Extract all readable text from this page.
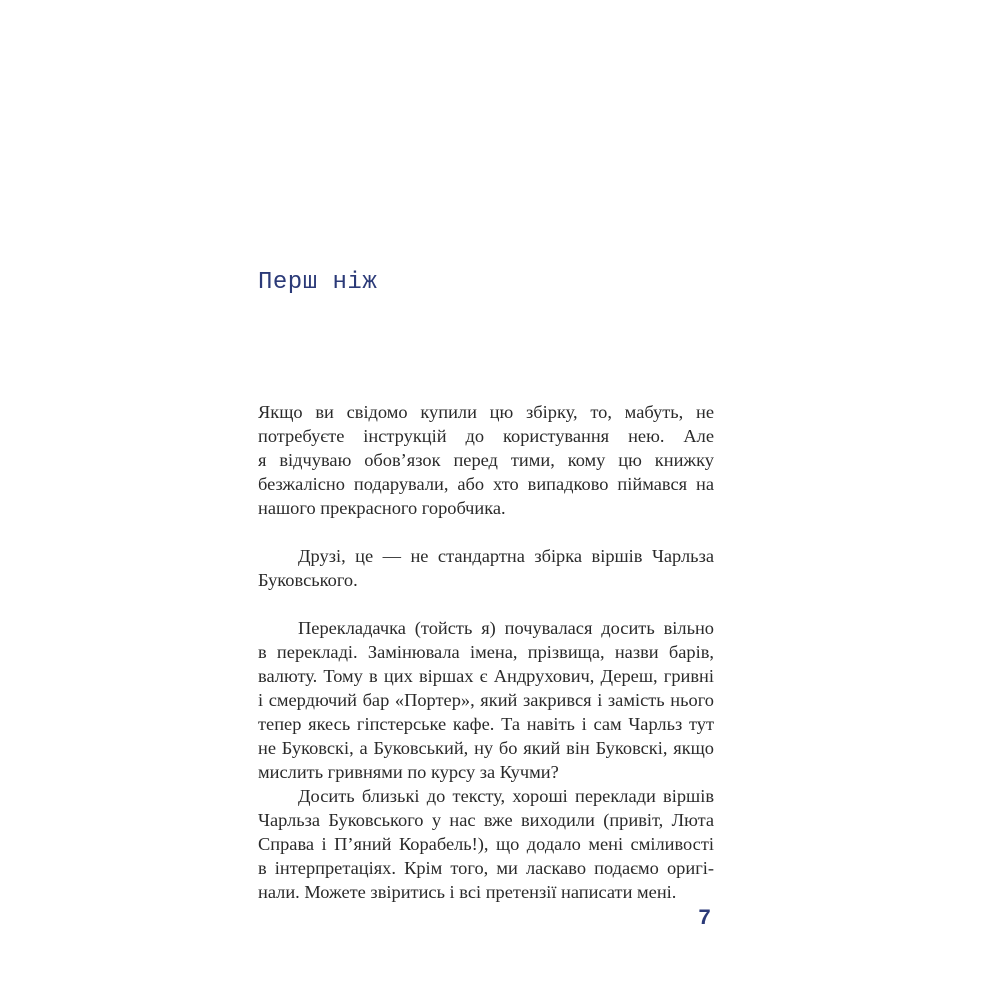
Перш ніж
Якщо ви свідомо купили цю збірку, то, мабуть, не
потребуєте інструкцій до користування нею. Але
я відчуваю обов’язок перед тими, кому цю книжку
безжалісно подарували, або хто випадково піймався на
нашого прекрасного горобчика.
Друзі, це — не стандартна збірка віршів Чарльза
Буковського.
Перекладачка (тойсть я) почувалася досить вільно
в перекладі. Замінювала імена, прізвища, назви барів,
валюту. Тому в цих віршах є Андрухович, Дереш, гривні
і смердючий бар «Портер», який закрився і замість нього
тепер якесь гіпстерське кафе. Та навіть і сам Чарльз тут
не Буковскі, а Буковський, ну бо який він Буковскі, якщо
мислить гривнями по курсу за Кучми?
Досить близькі до тексту, хороші переклади віршів
Чарльза Буковського у нас вже виходили (привіт, Люта
Справа і П’яний Корабель!), що додало мені сміливості
в інтерпретаціях. Крім того, ми ласкаво подаємо оригі-
нали. Можете звіритись і всі претензії написати мені.
7
